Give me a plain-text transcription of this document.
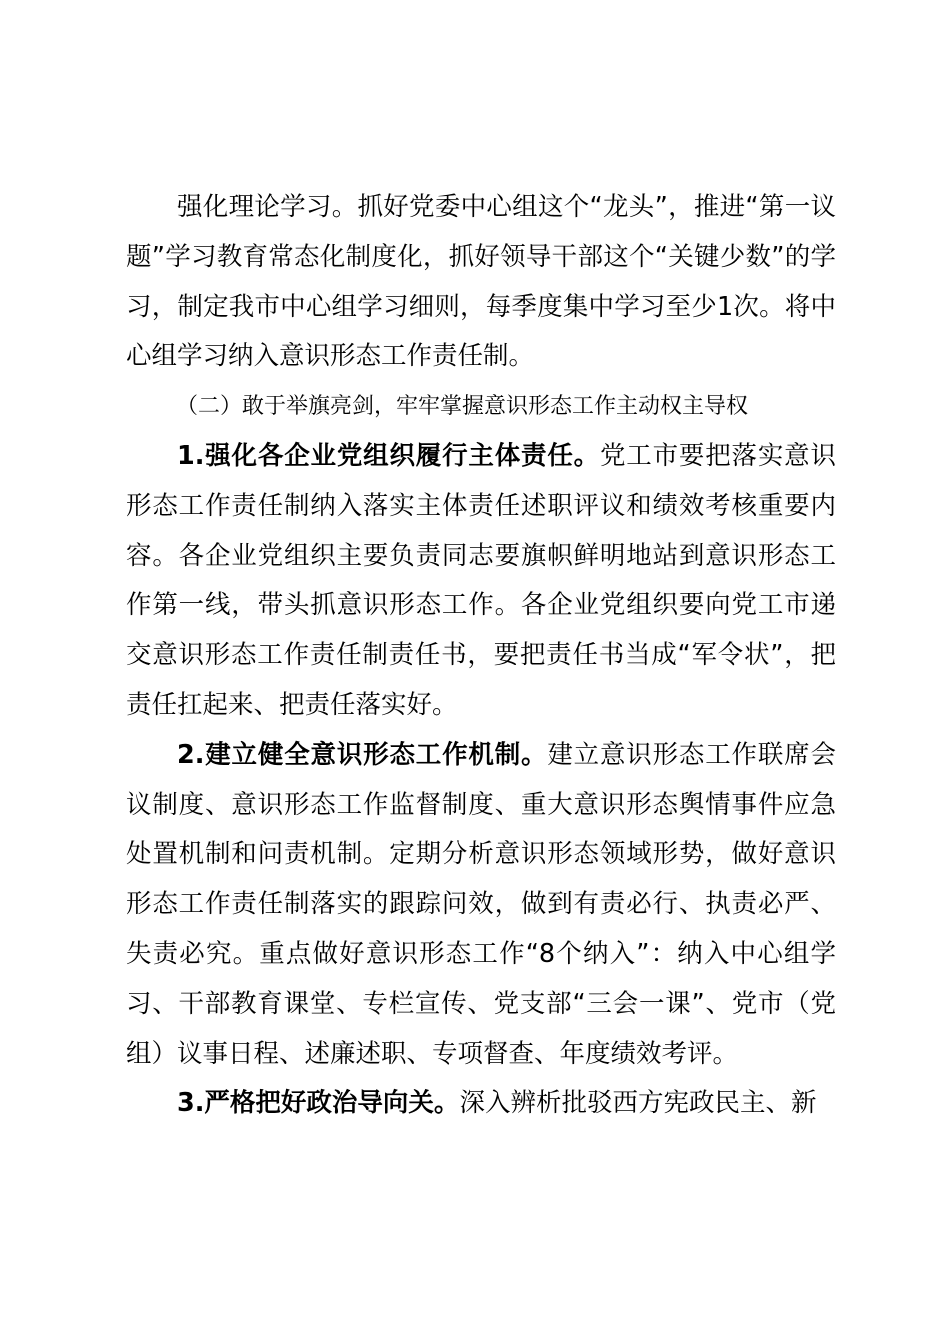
强化理论学习。抓好党委中心组这个“龙头”，推进“第一议题”学习教育常态化制度化，抓好领导干部这个“关键少数”的学习，制定我市中心组学习细则，每季度集中学习至少1次。将中心组学习纳入意识形态工作责任制。

（二）敢于举旗亮剑，牢牢掌握意识形态工作主动权主导权

1.强化各企业党组织履行主体责任。党工市要把落实意识形态工作责任制纳入落实主体责任述职评议和绩效考核重要内容。各企业党组织主要负责同志要旗帜鲜明地站到意识形态工作第一线，带头抓意识形态工作。各企业党组织要向党工市递交意识形态工作责任制责任书，要把责任书当成“军令状”，把责任扛起来、把责任落实好。

2.建立健全意识形态工作机制。建立意识形态工作联席会议制度、意识形态工作监督制度、重大意识形态舆情事件应急处置机制和问责机制。定期分析意识形态领域形势，做好意识形态工作责任制落实的跟踪问效，做到有责必行、执责必严、失责必究。重点做好意识形态工作“8个纳入”：纳入中心组学习、干部教育课堂、专栏宣传、党支部“三会一课”、党市（党组）议事日程、述廉述职、专项督查、年度绩效考评。

3.严格把好政治导向关。深入辨析批驳西方宪政民主、新
